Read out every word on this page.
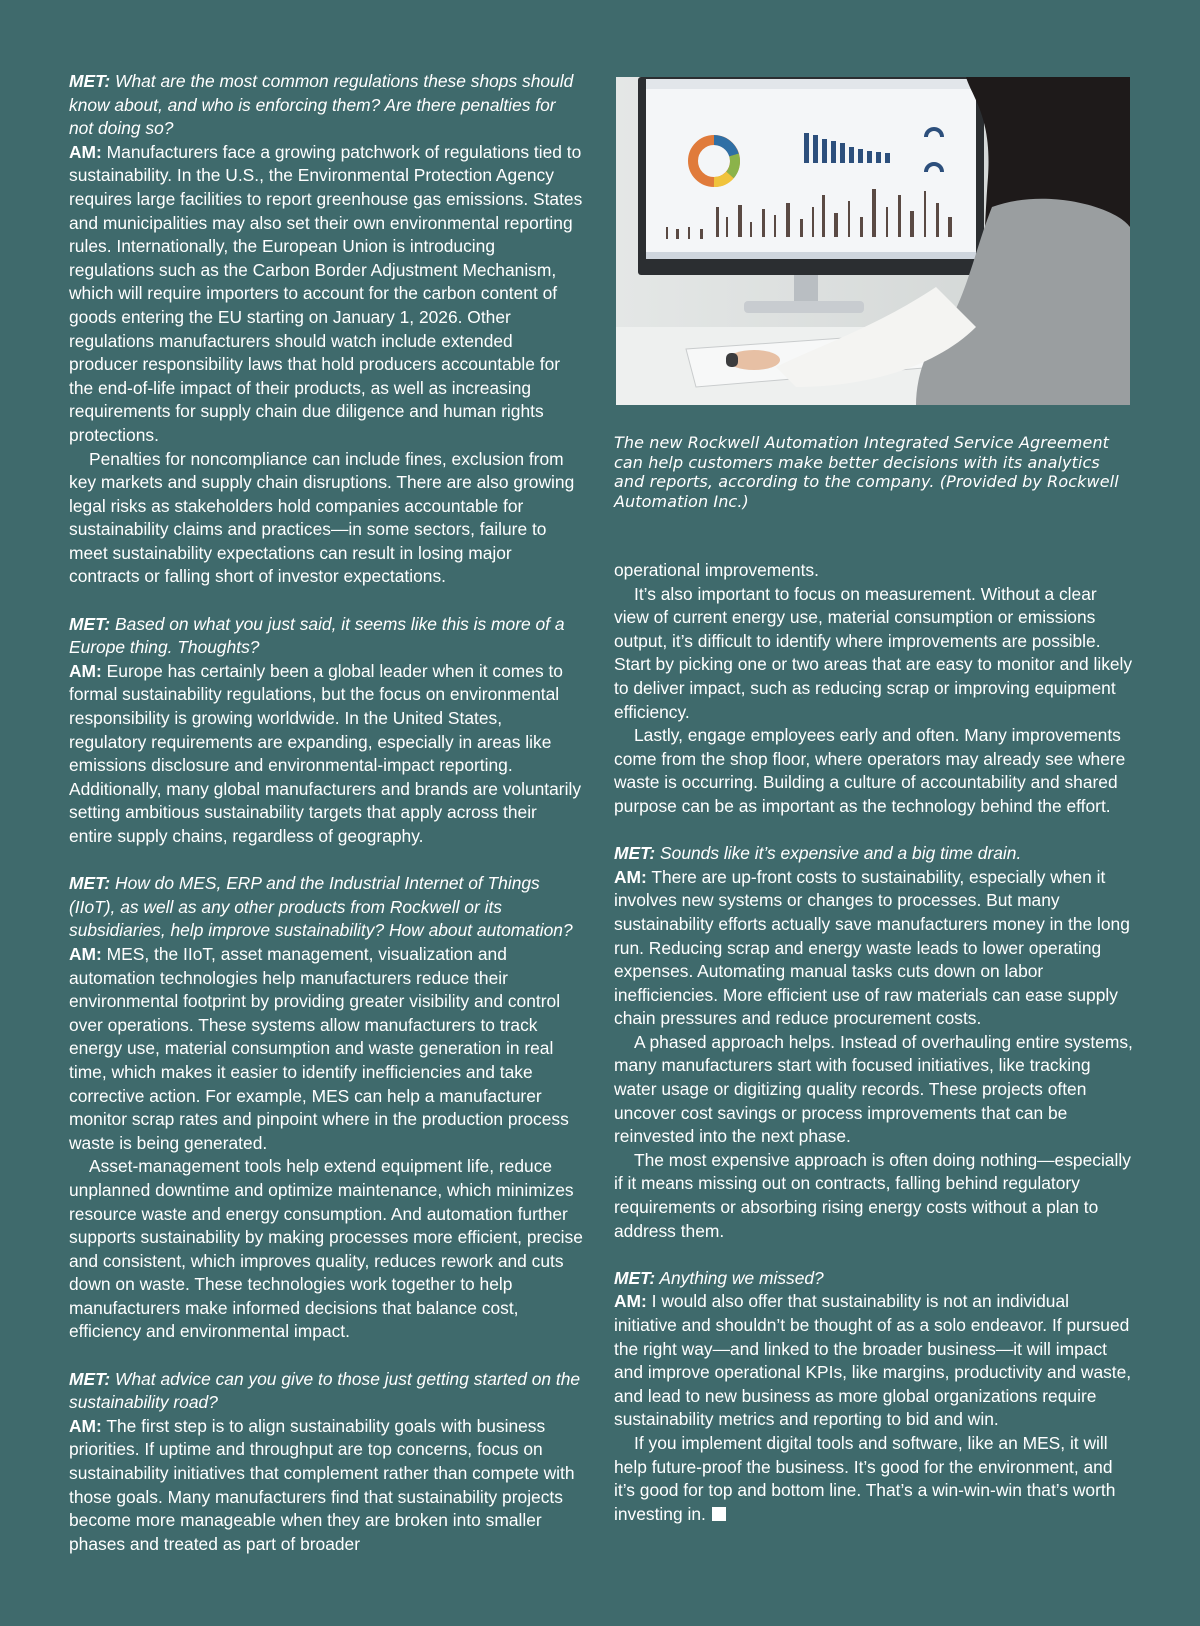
MET: What are the most common regulations these shops should know about, and who is enforcing them? Are there penalties for not doing so?

AM: Manufacturers face a growing patchwork of regulations tied to sustainability. In the U.S., the Environmental Protection Agency requires large facilities to report greenhouse gas emissions. States and municipalities may also set their own environmental reporting rules. Internationally, the European Union is introducing regulations such as the Carbon Border Adjustment Mechanism, which will require importers to account for the carbon content of goods entering the EU starting on January 1, 2026. Other regulations manufacturers should watch include extended producer responsibility laws that hold producers accountable for the end-of-life impact of their products, as well as increasing requirements for supply chain due diligence and human rights protections.

Penalties for noncompliance can include fines, exclusion from key markets and supply chain disruptions. There are also growing legal risks as stakeholders hold companies accountable for sustainability claims and practices—in some sectors, failure to meet sustainability expectations can result in losing major contracts or falling short of investor expectations.

MET: Based on what you just said, it seems like this is more of a Europe thing. Thoughts?

AM: Europe has certainly been a global leader when it comes to formal sustainability regulations, but the focus on environmental responsibility is growing worldwide. In the United States, regulatory requirements are expanding, especially in areas like emissions disclosure and environmental-impact reporting. Additionally, many global manufacturers and brands are voluntarily setting ambitious sustainability targets that apply across their entire supply chains, regardless of geography.

MET: How do MES, ERP and the Industrial Internet of Things (IIoT), as well as any other products from Rockwell or its subsidiaries, help improve sustainability? How about automation?

AM: MES, the IIoT, asset management, visualization and automation technologies help manufacturers reduce their environmental footprint by providing greater visibility and control over operations. These systems allow manufacturers to track energy use, material consumption and waste generation in real time, which makes it easier to identify inefficiencies and take corrective action. For example, MES can help a manufacturer monitor scrap rates and pinpoint where in the production process waste is being generated.

Asset-management tools help extend equipment life, reduce unplanned downtime and optimize maintenance, which minimizes resource waste and energy consumption. And automation further supports sustainability by making processes more efficient, precise and consistent, which improves quality, reduces rework and cuts down on waste. These technologies work together to help manufacturers make informed decisions that balance cost, efficiency and environmental impact.

MET: What advice can you give to those just getting started on the sustainability road?

AM: The first step is to align sustainability goals with business priorities. If uptime and throughput are top concerns, focus on sustainability initiatives that complement rather than compete with those goals. Many manufacturers find that sustainability projects become more manageable when they are broken into smaller phases and treated as part of broader

The new Rockwell Automation Integrated Service Agreement can help customers make better decisions with its analytics and reports, according to the company. (Provided by Rockwell Automation Inc.)

operational improvements.

It’s also important to focus on measurement. Without a clear view of current energy use, material consumption or emissions output, it’s difficult to identify where improvements are possible. Start by picking one or two areas that are easy to monitor and likely to deliver impact, such as reducing scrap or improving equipment efficiency.

Lastly, engage employees early and often. Many improvements come from the shop floor, where operators may already see where waste is occurring. Building a culture of accountability and shared purpose can be as important as the technology behind the effort.

MET: Sounds like it’s expensive and a big time drain.

AM: There are up-front costs to sustainability, especially when it involves new systems or changes to processes. But many sustainability efforts actually save manufacturers money in the long run. Reducing scrap and energy waste leads to lower operating expenses. Automating manual tasks cuts down on labor inefficiencies. More efficient use of raw materials can ease supply chain pressures and reduce procurement costs.

A phased approach helps. Instead of overhauling entire systems, many manufacturers start with focused initiatives, like tracking water usage or digitizing quality records. These projects often uncover cost savings or process improvements that can be reinvested into the next phase.

The most expensive approach is often doing nothing—especially if it means missing out on contracts, falling behind regulatory requirements or absorbing rising energy costs without a plan to address them.

MET: Anything we missed?

AM: I would also offer that sustainability is not an individual initiative and shouldn’t be thought of as a solo endeavor. If pursued the right way—and linked to the broader business—it will impact and improve operational KPIs, like margins, productivity and waste, and lead to new business as more global organizations require sustainability metrics and reporting to bid and win.

If you implement digital tools and software, like an MES, it will help future-proof the business. It’s good for the environment, and it’s good for top and bottom line. That’s a win-win-win that’s worth investing in.
